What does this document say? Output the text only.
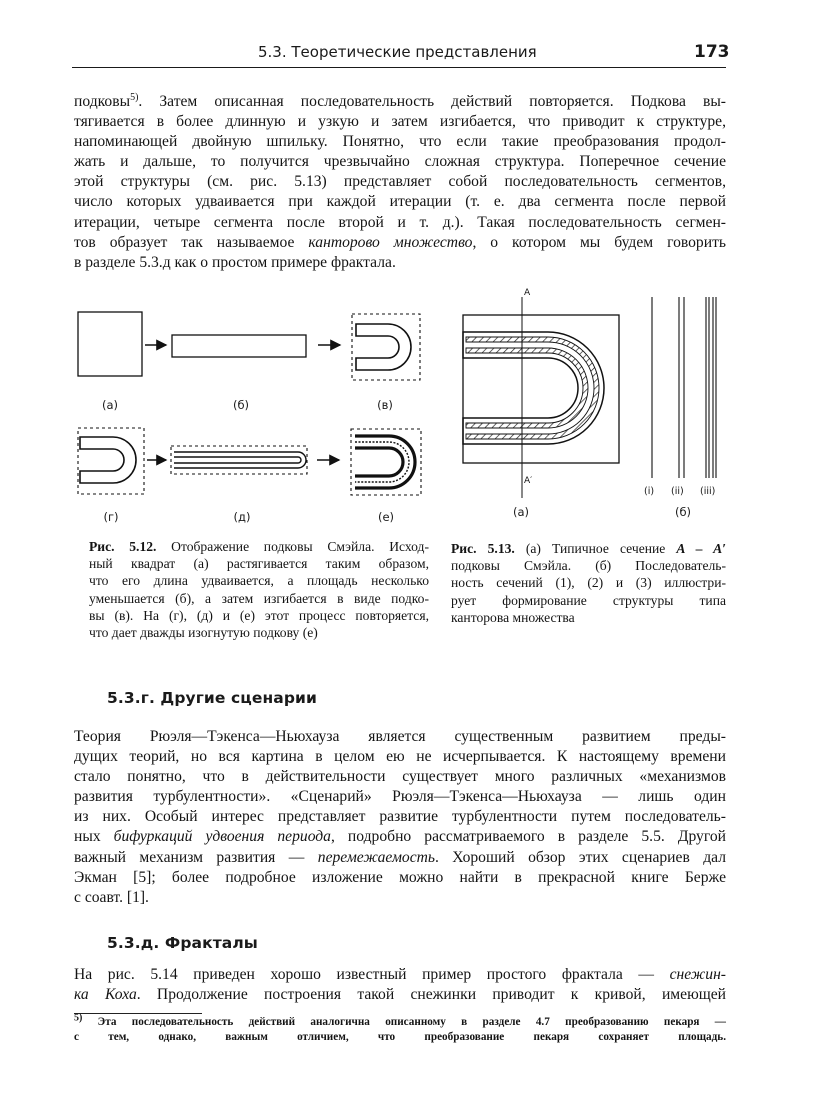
5.3. Теоретические представления	173
подковы$^{5)}$. Затем описанная последовательность действий повторяется. Подкова вы-
тягивается в более длинную и узкую и затем изгибается, что приводит к структуре,
напоминающей двойную шпильку. Понятно, что если такие преобразования продол-
жать и дальше, то получится чрезвычайно сложная структура. Поперечное сечение
этой структуры (см. рис. 5.13) представляет собой последовательность сегментов,
число которых удваивается при каждой итерации (т. е. два сегмента после первой
итерации, четыре сегмента после второй и т. д.). Такая последовательность сегмен-
тов образует так называемое канторово множество, о котором мы будем говорить
в разделе 5.3.д как о простом примере фрактала.
(а)	(б)	(в)
(г)	(д)	(е)
A
A′
(i) (ii) (iii)
(а)	(б)
Рис. 5.12. Отображение подковы Смэйла. Исход-
ный квадрат (а) растягивается таким образом,
что его длина удваивается, а площадь несколько
уменьшается (б), а затем изгибается в виде подко-
вы (в). На (г), (д) и (е) этот процесс повторяется,
что дает дважды изогнутую подкову (е)
Рис. 5.13. (а) Типичное сечение A – A′
подковы Смэйла. (б) Последователь-
ность сечений (1), (2) и (3) иллюстри-
рует формирование структуры типа
канторова множества
5.3.г. Другие сценарии
Теория Рюэля—Тэкенса—Ньюхауза является существенным развитием преды-
дущих теорий, но вся картина в целом ею не исчерпывается. К настоящему времени
стало понятно, что в действительности существует много различных «механизмов
развития турбулентности». «Сценарий» Рюэля—Тэкенса—Ньюхауза — лишь один
из них. Особый интерес представляет развитие турбулентности путем последователь-
ных бифуркаций удвоения периода, подробно рассматриваемого в разделе 5.5. Другой
важный механизм развития — перемежаемость. Хороший обзор этих сценариев дал
Экман [5]; более подробное изложение можно найти в прекрасной книге Берже
с соавт. [1].
5.3.д. Фракталы
На рис. 5.14 приведен хорошо известный пример простого фрактала — снежин-
ка Коха. Продолжение построения такой снежинки приводит к кривой, имеющей
$^{5)}$ Эта последовательность действий аналогична описанному в разделе 4.7 преобразованию пекаря —
с тем, однако, важным отличием, что преобразование пекаря сохраняет площадь.
